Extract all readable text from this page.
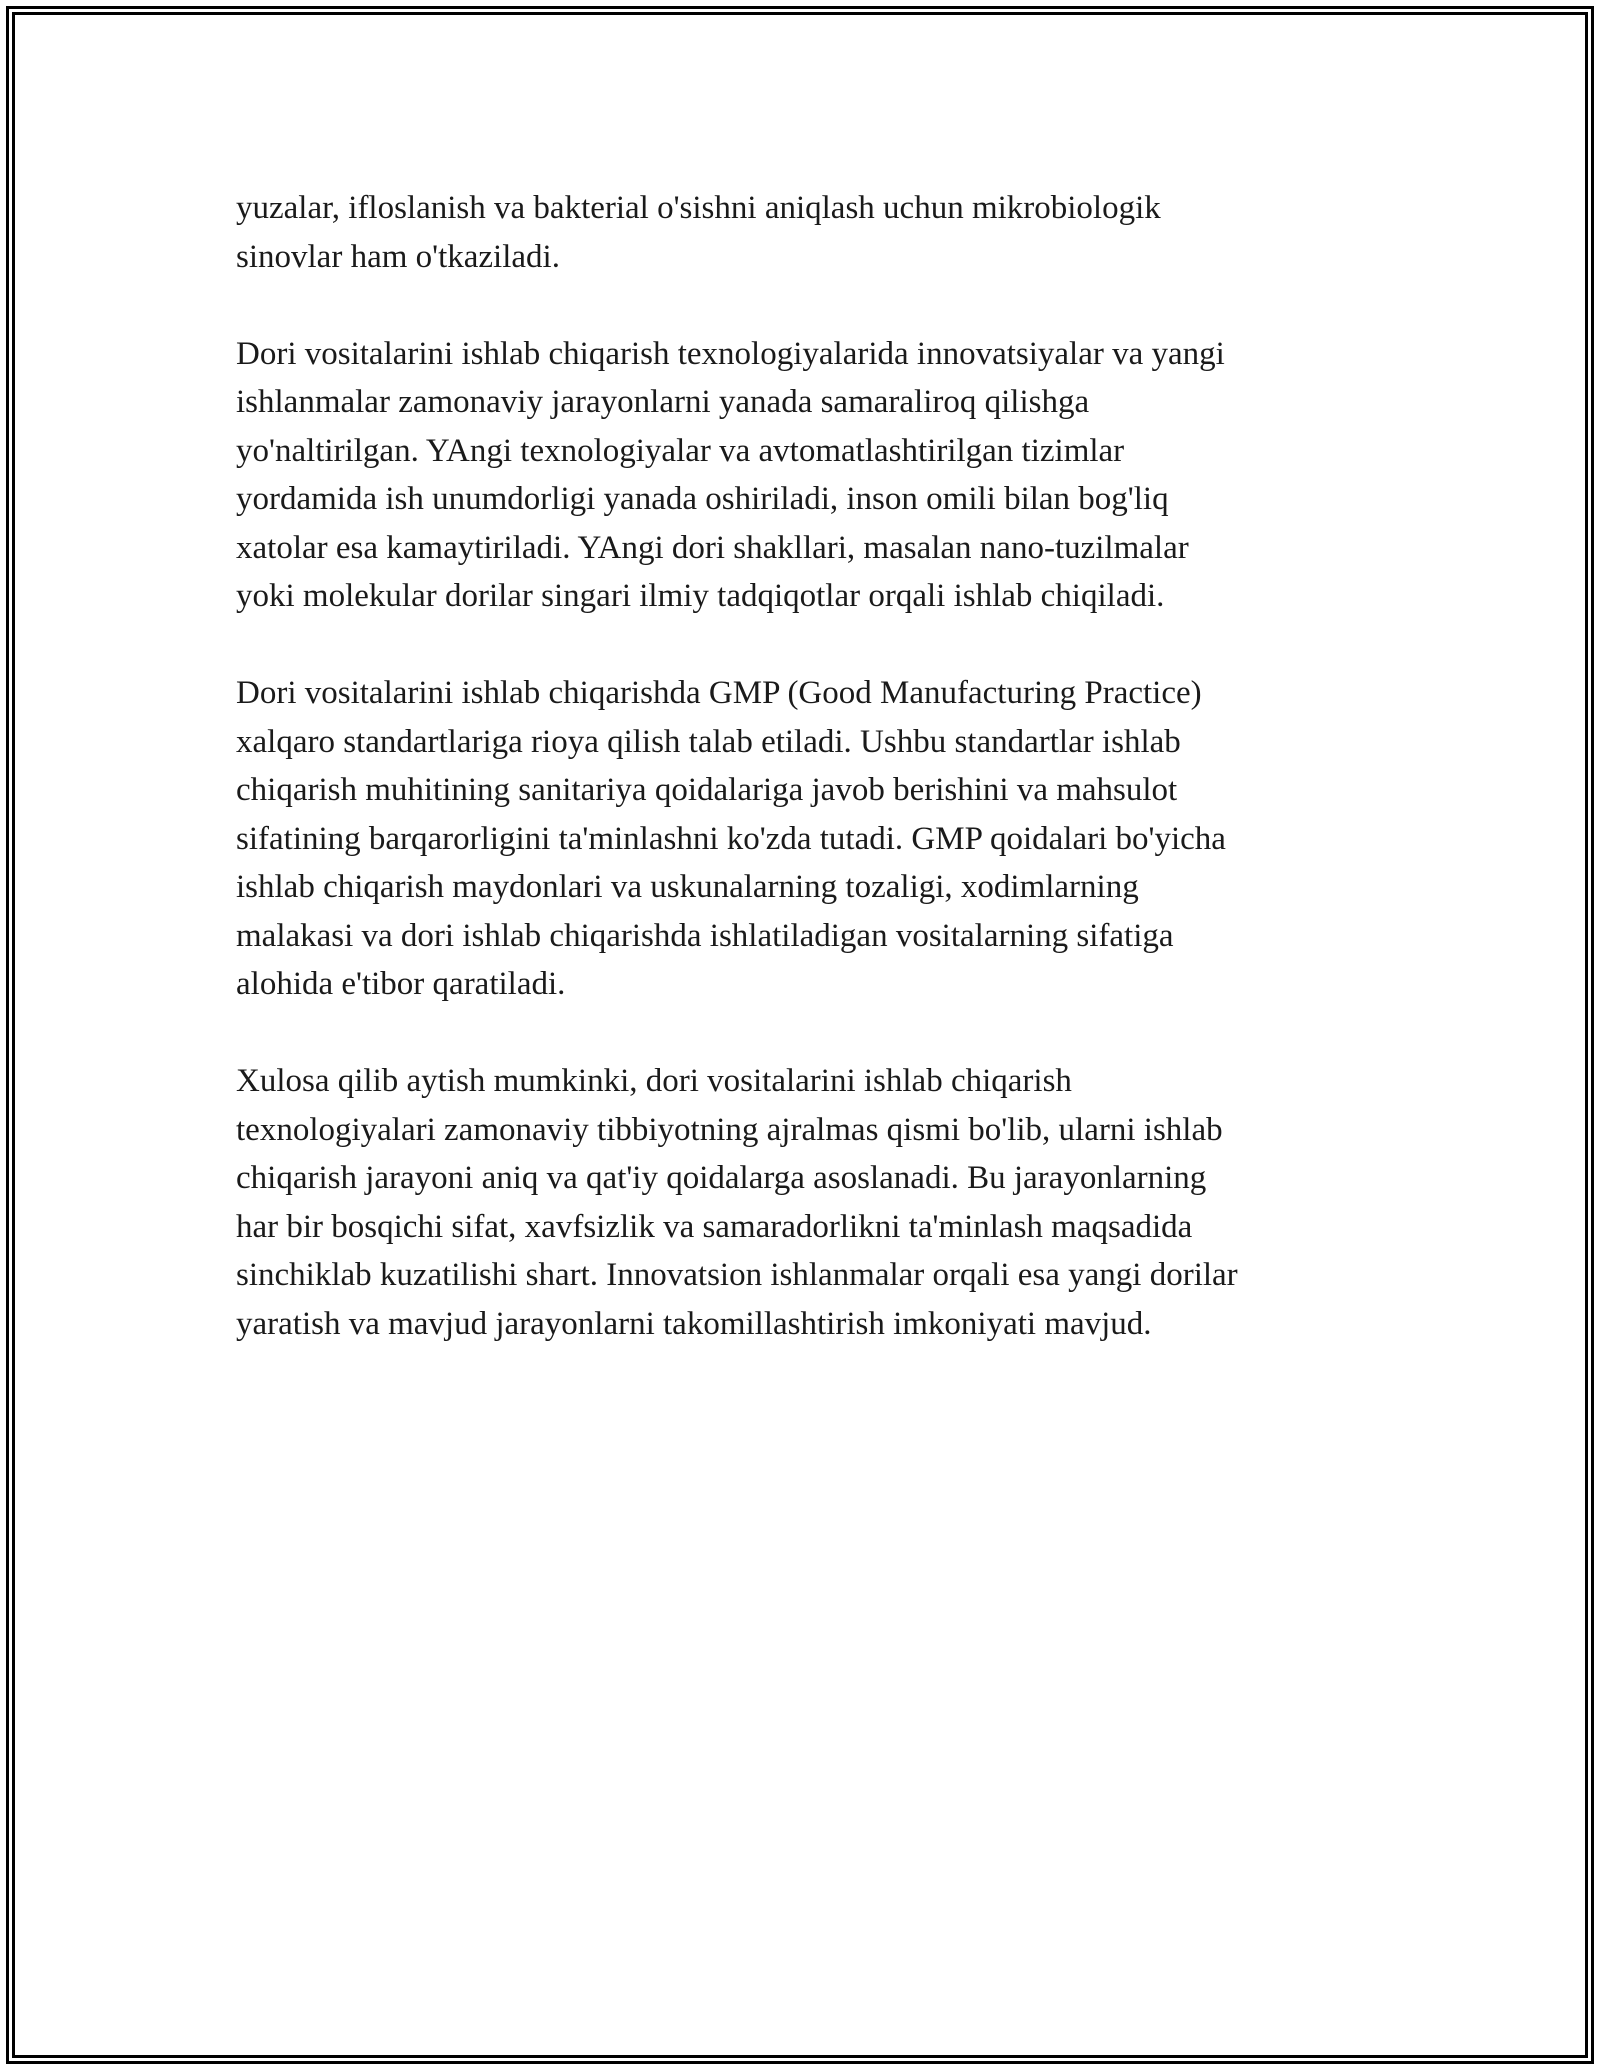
yuzalar, ifloslanish va bakterial o'sishni aniqlash uchun mikrobiologik
sinovlar ham o'tkaziladi.
Dori vositalarini ishlab chiqarish texnologiyalarida innovatsiyalar va yangi
ishlanmalar zamonaviy jarayonlarni yanada samaraliroq qilishga
yo'naltirilgan. YAngi texnologiyalar va avtomatlashtirilgan tizimlar
yordamida ish unumdorligi yanada oshiriladi, inson omili bilan bog'liq
xatolar esa kamaytiriladi. YAngi dori shakllari, masalan nano-tuzilmalar
yoki molekular dorilar singari ilmiy tadqiqotlar orqali ishlab chiqiladi.
Dori vositalarini ishlab chiqarishda GMP (Good Manufacturing Practice)
xalqaro standartlariga rioya qilish talab etiladi. Ushbu standartlar ishlab
chiqarish muhitining sanitariya qoidalariga javob berishini va mahsulot
sifatining barqarorligini ta'minlashni ko'zda tutadi. GMP qoidalari bo'yicha
ishlab chiqarish maydonlari va uskunalarning tozaligi, xodimlarning
malakasi va dori ishlab chiqarishda ishlatiladigan vositalarning sifatiga
alohida e'tibor qaratiladi.
Xulosa qilib aytish mumkinki, dori vositalarini ishlab chiqarish
texnologiyalari zamonaviy tibbiyotning ajralmas qismi bo'lib, ularni ishlab
chiqarish jarayoni aniq va qat'iy qoidalarga asoslanadi. Bu jarayonlarning
har bir bosqichi sifat, xavfsizlik va samaradorlikni ta'minlash maqsadida
sinchiklab kuzatilishi shart. Innovatsion ishlanmalar orqali esa yangi dorilar
yaratish va mavjud jarayonlarni takomillashtirish imkoniyati mavjud.
